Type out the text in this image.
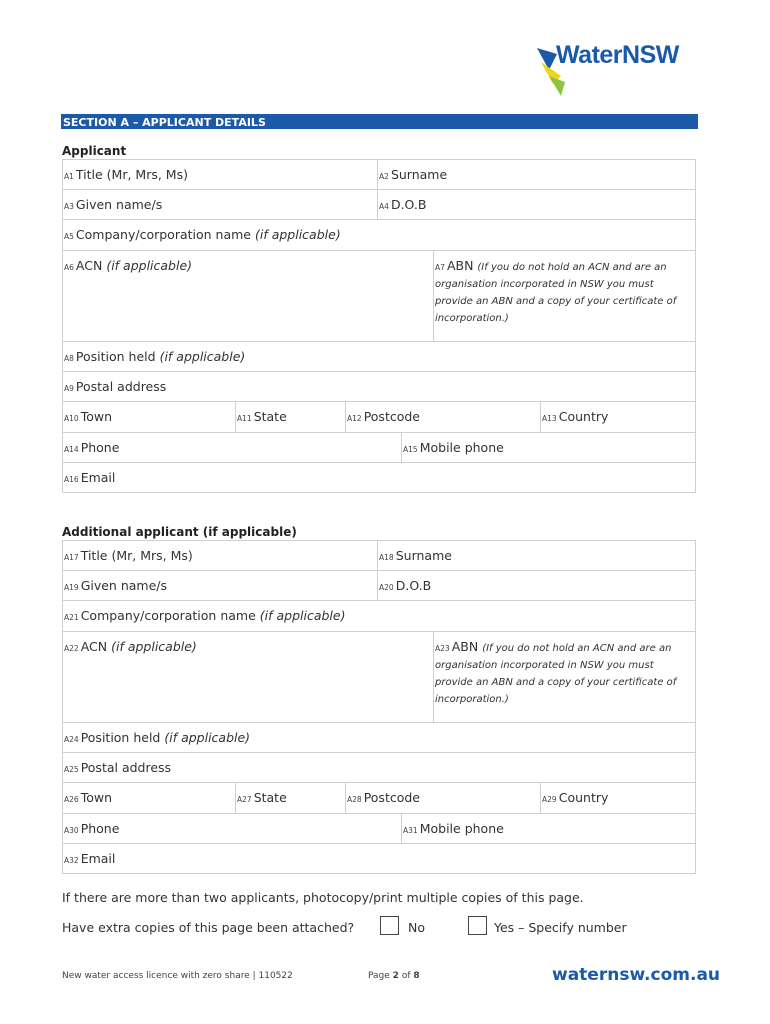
WaterNSW
SECTION A – APPLICANT DETAILS
Applicant
A1 Title (Mr, Mrs, Ms)			A2 Surname			
A3 Given name/s			A4 D.O.B			
A5 Company/corporation name (if applicable)						
A6 ACN (if applicable)					A7 ABN (If you do not hold an ACN and are an organisation incorporated in NSW you must provide an ABN and a copy of your certificate of incorporation.)	
A8 Position held (if applicable)						
A9 Postal address						
A10 Town	A11 State	A12 Postcode				A13 Country
A14 Phone				A15 Mobile phone		
A16 Email						
Additional applicant (if applicable)
A17 Title (Mr, Mrs, Ms)			A18 Surname			
A19 Given name/s			A20 D.O.B			
A21 Company/corporation name (if applicable)						
A22 ACN (if applicable)					A23 ABN (If you do not hold an ACN and are an organisation incorporated in NSW you must provide an ABN and a copy of your certificate of incorporation.)	
A24 Position held (if applicable)						
A25 Postal address						
A26 Town	A27 State	A28 Postcode				A29 Country
A30 Phone				A31 Mobile phone		
A32 Email						
If there are more than two applicants, photocopy/print multiple copies of this page.
Have extra copies of this page been attached?	No	Yes – Specify number
New water access licence with zero share | 110522	Page 2 of 8	waternsw.com.au
